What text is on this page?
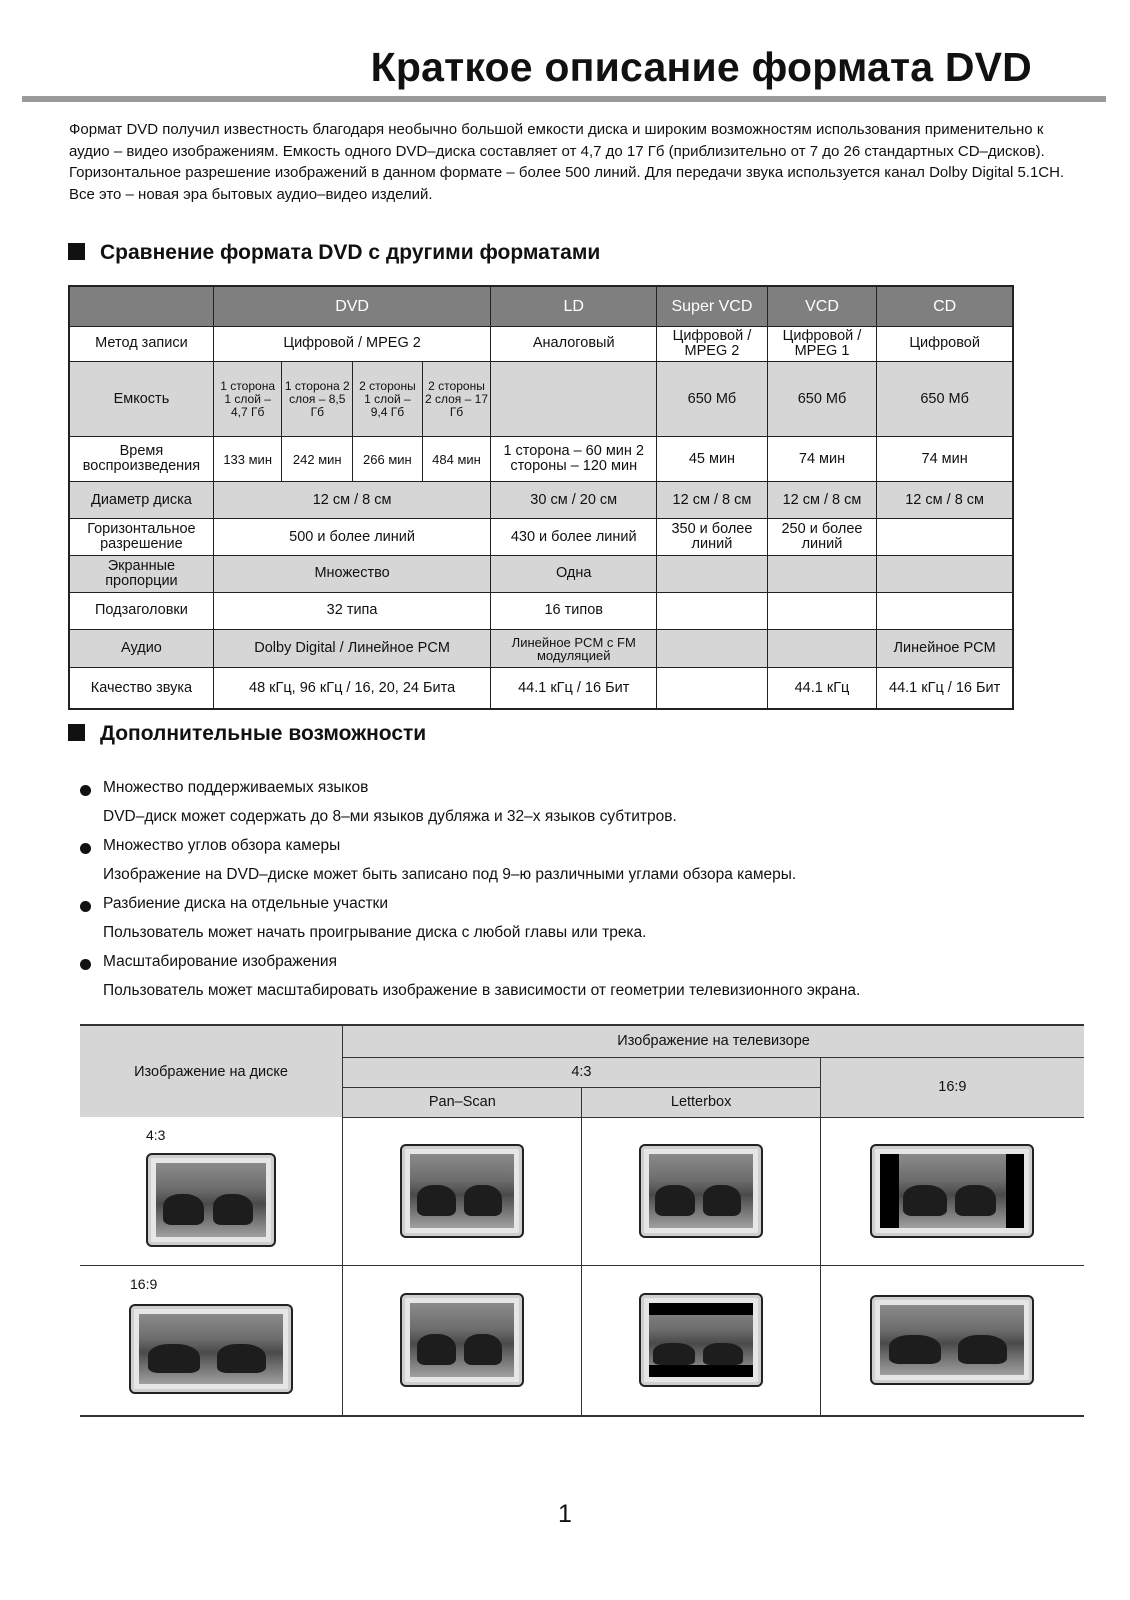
Краткое описание формата DVD
Формат DVD получил известность благодаря необычно большой емкости диска и широким возможностям использования применительно к аудио – видео изображениям. Емкость одного DVD–диска составляет от 4,7 до 17 Гб (приблизительно от 7 до 26 стандартных CD–дисков). Горизонтальное разрешение изображений в данном формате – более 500 линий. Для передачи звука используется канал Dolby Digital 5.1CH. Все это – новая эра бытовых аудио–видео изделий.
Сравнение формата DVD с другими форматами
	DVD				LD	Super VCD	VCD	CD
Метод записи	Цифровой / MPEG 2				Аналоговый	Цифровой / MPEG 2	Цифровой / MPEG 1	Цифровой
Емкость	1 сторона 1 слой – 4,7 Гб	1 сторона 2 слоя – 8,5 Гб	2 стороны 1 слой – 9,4 Гб	2 стороны 2 слоя – 17 Гб		650 Мб	650 Мб	650 Мб
Время воспроизведения	133 мин	242 мин	266 мин	484 мин	1 сторона – 60 мин 2 стороны – 120 мин	45 мин	74 мин	74 мин
Диаметр диска	12 см / 8 см				30 см / 20 см	12 см / 8 см	12 см / 8 см	12 см / 8 см
Горизонтальное разрешение	500 и более линий				430 и более линий	350 и более линий	250 и более линий	
Экранные пропорции	Множество				Одна			
Подзаголовки	32 типа				16 типов			
Аудио	Dolby Digital / Линейное PCM				Линейное PCM с FM модуляцией			Линейное PCM
Качество звука	48 кГц, 96 кГц / 16, 20, 24 Бита				44.1 кГц / 16 Бит		44.1 кГц	44.1 кГц / 16 Бит
Дополнительные возможности
Множество поддерживаемых языков
DVD–диск может содержать до 8–ми языков дубляжа и 32–х языков субтитров.
Множество углов обзора камеры
Изображение на DVD–диске может быть записано под 9–ю различными углами обзора камеры.
Разбиение диска на отдельные участки
Пользователь может начать проигрывание диска с любой главы или трека.
Масштабирование изображения
Пользователь может масштабировать изображение в зависимости от геометрии телевизионного экрана.
Изображение на диске	Изображение на телевизоре		
	4:3		16:9
	Pan–Scan	Letterbox	

4:3			

16:9			

1
